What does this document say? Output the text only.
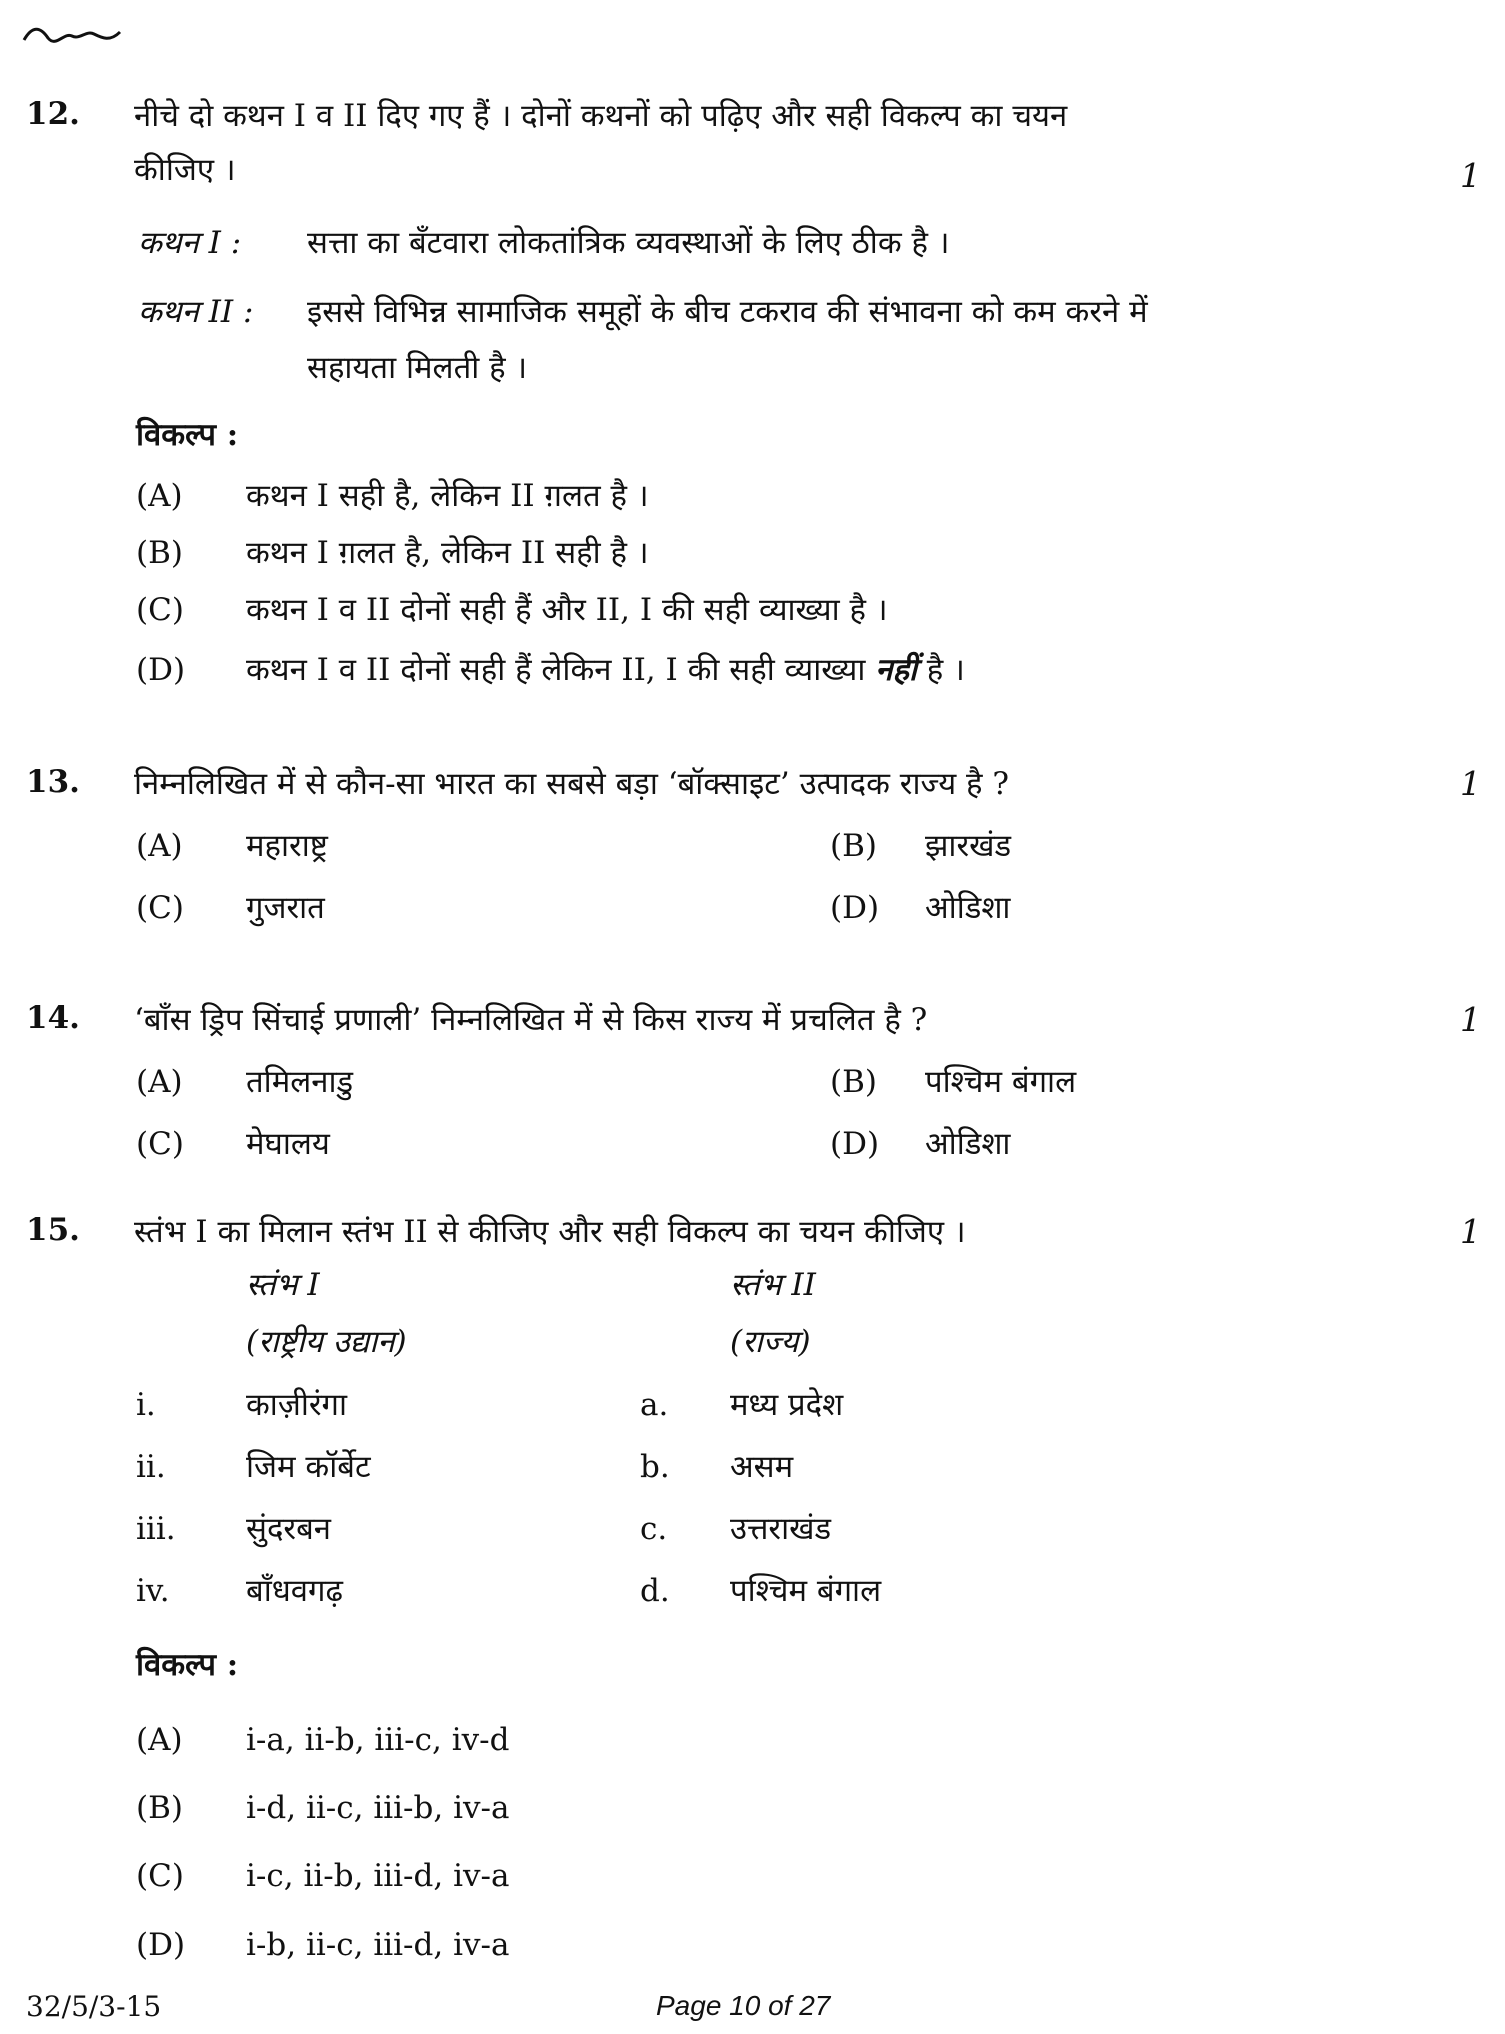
12. नीचे दो कथन I व II दिए गए हैं । दोनों कथनों को पढ़िए और सही विकल्प का चयन
कीजिए ।	1
कथन I : सत्ता का बँटवारा लोकतांत्रिक व्यवस्थाओं के लिए ठीक है ।
कथन II : इससे विभिन्न सामाजिक समूहों के बीच टकराव की संभावना को कम करने में
सहायता मिलती है ।
विकल्प :
(A) कथन I सही है, लेकिन II ग़लत है ।
(B) कथन I ग़लत है, लेकिन II सही है ।
(C) कथन I व II दोनों सही हैं और II, I की सही व्याख्या है ।
(D) कथन I व II दोनों सही हैं लेकिन II, I की सही व्याख्या नहीं है ।
13. निम्नलिखित में से कौन-सा भारत का सबसे बड़ा ‘बॉक्साइट’ उत्पादक राज्य है ?	1
(A) महाराष्ट्र	(B) झारखंड
(C) गुजरात	(D) ओडिशा
14. ‘बाँस ड्रिप सिंचाई प्रणाली’ निम्नलिखित में से किस राज्य में प्रचलित है ?	1
(A) तमिलनाडु	(B) पश्चिम बंगाल
(C) मेघालय	(D) ओडिशा
15. स्तंभ I का मिलान स्तंभ II से कीजिए और सही विकल्प का चयन कीजिए ।	1
स्तंभ I	स्तंभ II
(राष्ट्रीय उद्यान)	(राज्य)
i.	काज़ीरंगा	a. मध्य प्रदेश
ii.	जिम कॉर्बेट	b. असम
iii. सुंदरबन	c. उत्तराखंड
iv. बाँधवगढ़	d. पश्चिम बंगाल
विकल्प :
(A) i-a, ii-b, iii-c, iv-d
(B) i-d, ii-c, iii-b, iv-a
(C) i-c, ii-b, iii-d, iv-a
(D) i-b, ii-c, iii-d, iv-a
32/5/3-15	Page 10 of 27
